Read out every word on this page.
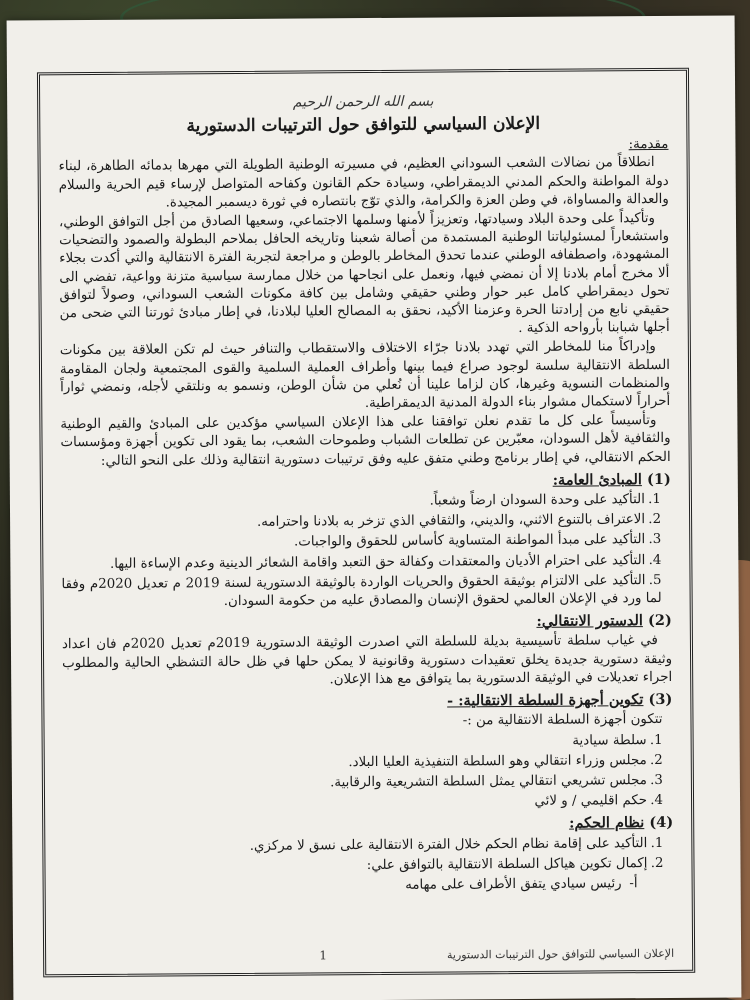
بسم الله الرحمن الرحيم
الإعلان السياسي للتوافق حول الترتيبات الدستورية
مقدمة:

انطلاقاً من نضالات الشعب السوداني العظيم، في مسيرته الوطنية الطويلة التي مهرها بدمائه الطاهرة، لبناء دولة المواطنة والحكم المدني الديمقراطي، وسيادة حكم القانون وكفاحه المتواصل لإرساء قيم الحرية والسلام والعدالة والمساواة، في وطن العزة والكرامة، والذي توّج بانتصاره في ثورة ديسمبر المجيدة.

وتأكيداً على وحدة البلاد وسيادتها، وتعزيزاً لأمنها وسلمها الاجتماعي، وسعيها الصادق من أجل التوافق الوطني، واستشعاراً لمسئولياتنا الوطنية المستمدة من أصالة شعبنا وتاريخه الحافل بملاحم البطولة والصمود والتضحيات المشهودة، واصطفافه الوطني عندما تحدق المخاطر بالوطن و مراجعة لتجربة الفترة الانتقالية والتي أكدت بجلاء ألا مخرج أمام بلادنا إلا أن نمضي فيها، ونعمل على انجاحها من خلال ممارسة سياسية متزنة وواعية، تفضي الى تحول ديمقراطي كامل عبر حوار وطني حقيقي وشامل بين كافة مكونات الشعب السوداني، وصولاً لتوافق حقيقي نابع من إرادتنا الحرة وعزمنا الأكيد، نحقق به المصالح العليا لبلادنا، في إطار مبادئ ثورتنا التي ضحى من أجلها شبابنا بأرواحه الذكية .

وإدراكاً منا للمخاطر التي تهدد بلادنا جرّاء الاختلاف والاستقطاب والتنافر حيث لم تكن العلاقة بين مكونات السلطة الانتقالية سلسة لوجود صراع فيما بينها وأطراف العملية السلمية والقوى المجتمعية ولجان المقاومة والمنظمات النسوية وغيرها، كان لزاما علينا أن نُعلي من شأن الوطن، ونسمو به ونلتقي لأجله، ونمضي ثواراً أحراراً لاستكمال مشوار بناء الدولة المدنية الديمقراطية.

وتأسيساً على كل ما تقدم نعلن توافقنا على هذا الإعلان السياسي مؤكدين على المبادئ والقيم الوطنية والثقافية لأهل السودان، معبّرين عن تطلعات الشباب وطموحات الشعب، بما يقود الى تكوين أجهزة ومؤسسات الحكم الانتقالي، في إطار برنامج وطني متفق عليه وفق ترتيبات دستورية انتقالية وذلك على النحو التالي:

(1) المبادئ العامة:
1.التأكيد على وحدة السودان ارضاً وشعباً.
2.الاعتراف بالتنوع الاثني، والديني، والثقافي الذي تزخر به بلادنا واحترامه.
3.التأكيد على مبدأ المواطنة المتساوية كأساس للحقوق والواجبات.
4.التأكيد على احترام الأديان والمعتقدات وكفالة حق التعبد واقامة الشعائر الدينية وعدم الإساءة اليها.
5.التأكيد على الالتزام بوثيقة الحقوق والحريات الواردة بالوثيقة الدستورية لسنة 2019 م تعديل 2020م وفقا لما ورد في الإعلان العالمي لحقوق الإنسان والمصادق عليه من حكومة السودان.
(2) الدستور الانتقالي:

في غياب سلطة تأسيسية بديلة للسلطة التي اصدرت الوثيقة الدستورية 2019م تعديل 2020م فان اعداد وثيقة دستورية جديدة يخلق تعقيدات دستورية وقانونية لا يمكن حلها في ظل حالة التشظي الحالية والمطلوب اجراء تعديلات في الوثيقة الدستورية بما يتوافق مع هذا الإعلان.

(3) تكوين أجهزة السلطة الانتقالية: -
تتكون أجهزة السلطة الانتقالية من :-
1.سلطة سيادية
2.مجلس وزراء انتقالي وهو السلطة التنفيذية العليا البلاد.
3.مجلس تشريعي انتقالي يمثل السلطة التشريعية والرقابية.
4.حكم اقليمي / و لائي
(4) نظام الحكم:
1.التأكيد على إقامة نظام الحكم خلال الفترة الانتقالية على نسق لا مركزي.
2.إكمال تكوين هياكل السلطة الانتقالية بالتوافق علي:
أ-رئيس سيادي يتفق الأطراف على مهامه
الإعلان السياسي للتوافق حول الترتيبات الدستورية
1
